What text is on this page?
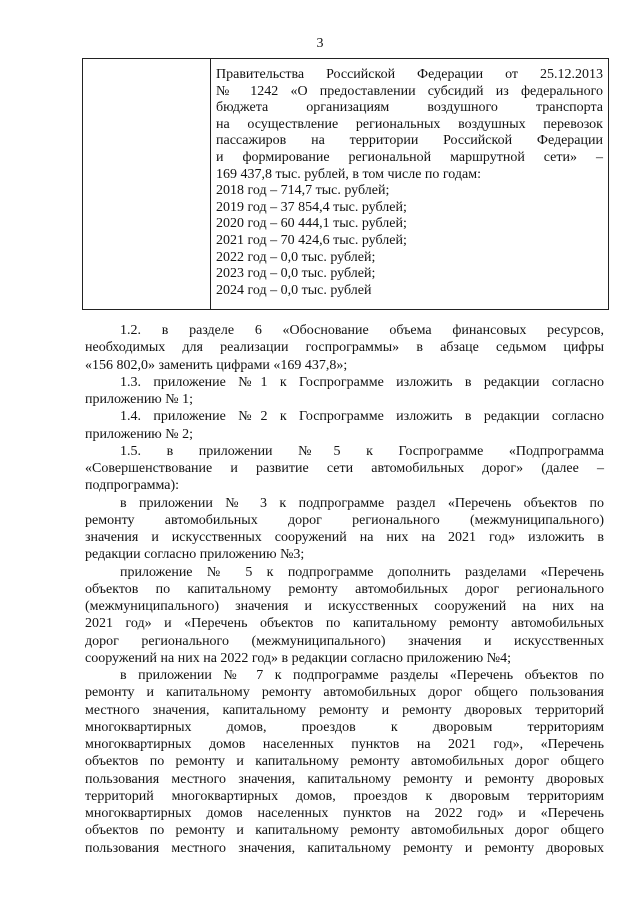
3
Правительства Российской Федерации от 25.12.2013
№ 1242 «О предоставлении субсидий из федерального
бюджета организациям воздушного транспорта
на осуществление региональных воздушных перевозок
пассажиров на территории Российской Федерации
и формирование региональной маршрутной сети» –
169 437,8 тыс. рублей, в том числе по годам:
2018 год – 714,7 тыс. рублей;
2019 год – 37 854,4 тыс. рублей;
2020 год – 60 444,1 тыс. рублей;
2021 год – 70 424,6 тыс. рублей;
2022 год – 0,0 тыс. рублей;
2023 год – 0,0 тыс. рублей;
2024 год – 0,0 тыс. рублей
1.2. в разделе 6 «Обоснование объема финансовых ресурсов,
необходимых для реализации госпрограммы» в абзаце седьмом цифры
«156 802,0» заменить цифрами «169 437,8»;
1.3. приложение №1 к Госпрограмме изложить в редакции согласно
приложению № 1;
1.4. приложение №2 к Госпрограмме изложить в редакции согласно
приложению № 2;
1.5. в приложении №5 к Госпрограмме «Подпрограмма
«Совершенствование и развитие сети автомобильных дорог» (далее –
подпрограмма):
в приложении № 3 к подпрограмме раздел «Перечень объектов по
ремонту автомобильных дорог регионального (межмуниципального)
значения и искусственных сооружений на них на 2021 год» изложить в
редакции согласно приложению №3;
приложение № 5 к подпрограмме дополнить разделами «Перечень
объектов по капитальному ремонту автомобильных дорог регионального
(межмуниципального) значения и искусственных сооружений на них на
2021 год» и «Перечень объектов по капитальному ремонту автомобильных
дорог регионального (межмуниципального) значения и искусственных
сооружений на них на 2022 год» в редакции согласно приложению №4;
в приложении № 7 к подпрограмме разделы «Перечень объектов по
ремонту и капитальному ремонту автомобильных дорог общего пользования
местного значения, капитальному ремонту и ремонту дворовых территорий
многоквартирных домов, проездов к дворовым территориям
многоквартирных домов населенных пунктов на 2021 год», «Перечень
объектов по ремонту и капитальному ремонту автомобильных дорог общего
пользования местного значения, капитальному ремонту и ремонту дворовых
территорий многоквартирных домов, проездов к дворовым территориям
многоквартирных домов населенных пунктов на 2022 год» и «Перечень
объектов по ремонту и капитальному ремонту автомобильных дорог общего
пользования местного значения, капитальному ремонту и ремонту дворовых
